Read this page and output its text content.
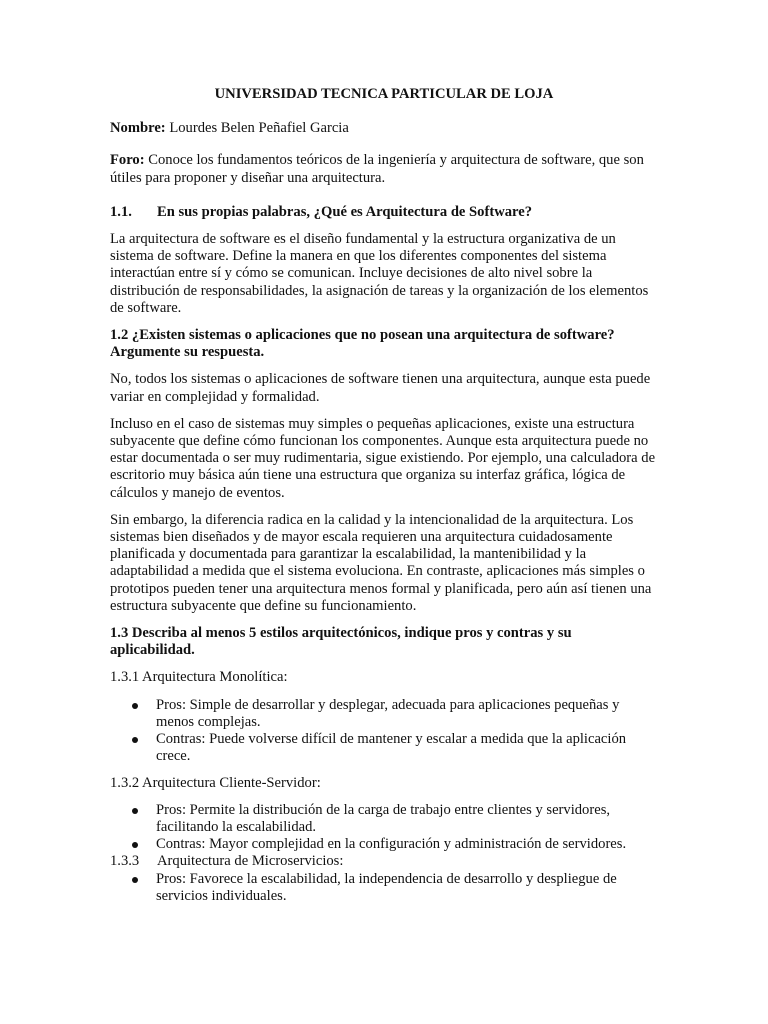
UNIVERSIDAD TECNICA PARTICULAR DE LOJA
Nombre: Lourdes Belen Peñafiel Garcia
Foro: Conoce los fundamentos teóricos de la ingeniería y arquitectura de software, que son útiles para proponer y diseñar una arquitectura.
1.1.	En sus propias palabras, ¿Qué es Arquitectura de Software?
La arquitectura de software es el diseño fundamental y la estructura organizativa de un sistema de software. Define la manera en que los diferentes componentes del sistema interactúan entre sí y cómo se comunican. Incluye decisiones de alto nivel sobre la distribución de responsabilidades, la asignación de tareas y la organización de los elementos de software.
1.2 ¿Existen sistemas o aplicaciones que no posean una arquitectura de software? Argumente su respuesta.
No, todos los sistemas o aplicaciones de software tienen una arquitectura, aunque esta puede variar en complejidad y formalidad.
Incluso en el caso de sistemas muy simples o pequeñas aplicaciones, existe una estructura subyacente que define cómo funcionan los componentes. Aunque esta arquitectura puede no estar documentada o ser muy rudimentaria, sigue existiendo. Por ejemplo, una calculadora de escritorio muy básica aún tiene una estructura que organiza su interfaz gráfica, lógica de cálculos y manejo de eventos.
Sin embargo, la diferencia radica en la calidad y la intencionalidad de la arquitectura. Los sistemas bien diseñados y de mayor escala requieren una arquitectura cuidadosamente planificada y documentada para garantizar la escalabilidad, la mantenibilidad y la adaptabilidad a medida que el sistema evoluciona. En contraste, aplicaciones más simples o prototipos pueden tener una arquitectura menos formal y planificada, pero aún así tienen una estructura subyacente que define su funcionamiento.
1.3 Describa al menos 5 estilos arquitectónicos, indique pros y contras y su aplicabilidad.
1.3.1 Arquitectura Monolítica:
Pros: Simple de desarrollar y desplegar, adecuada para aplicaciones pequeñas y menos complejas.
Contras: Puede volverse difícil de mantener y escalar a medida que la aplicación crece.
1.3.2 Arquitectura Cliente-Servidor:
Pros: Permite la distribución de la carga de trabajo entre clientes y servidores, facilitando la escalabilidad.
Contras: Mayor complejidad en la configuración y administración de servidores.
1.3.3	Arquitectura de Microservicios:
Pros: Favorece la escalabilidad, la independencia de desarrollo y despliegue de servicios individuales.
